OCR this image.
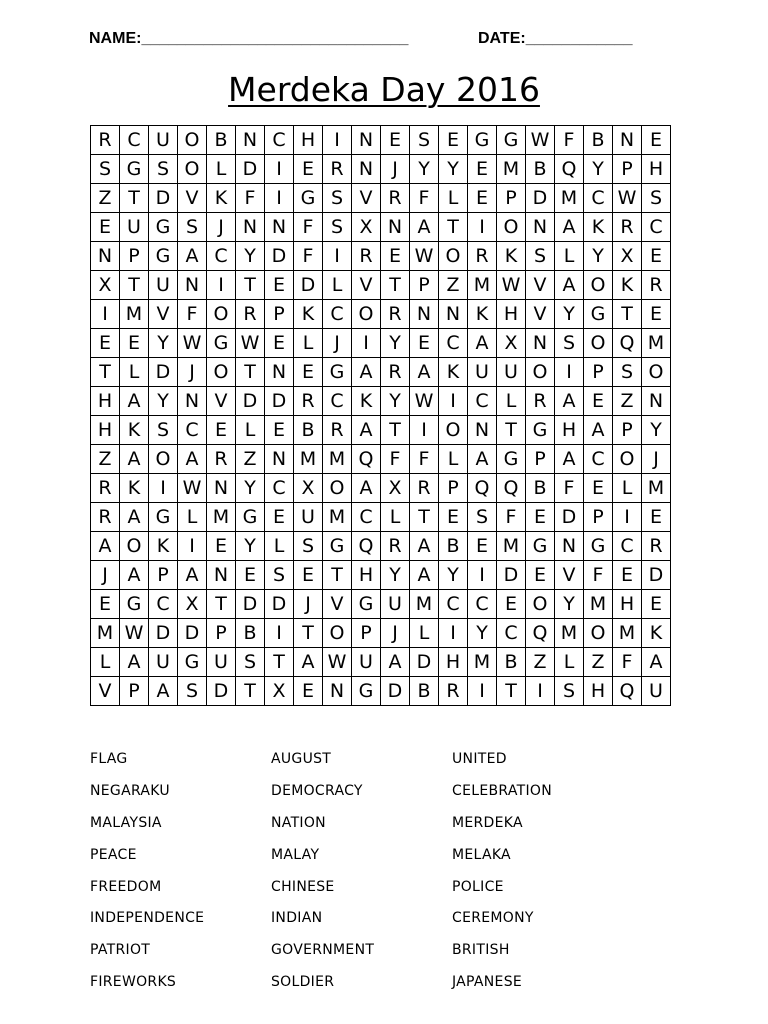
NAME:______________________________	DATE:____________
Merdeka Day 2016
R	C	U	O	B	N	C	H	I	N	E	S	E	G	G	W	F	B	N	E
S	G	S	O	L	D	I	E	R	N	J	Y	Y	E	M	B	Q	Y	P	H
Z	T	D	V	K	F	I	G	S	V	R	F	L	E	P	D	M	C	W	S
E	U	G	S	J	N	N	F	S	X	N	A	T	I	O	N	A	K	R	C
N	P	G	A	C	Y	D	F	I	R	E	W	O	R	K	S	L	Y	X	E
X	T	U	N	I	T	E	D	L	V	T	P	Z	M	W	V	A	O	K	R
I	M	V	F	O	R	P	K	C	O	R	N	N	K	H	V	Y	G	T	E
E	E	Y	W	G	W	E	L	J	I	Y	E	C	A	X	N	S	O	Q	M
T	L	D	J	O	T	N	E	G	A	R	A	K	U	U	O	I	P	S	O
H	A	Y	N	V	D	D	R	C	K	Y	W	I	C	L	R	A	E	Z	N
H	K	S	C	E	L	E	B	R	A	T	I	O	N	T	G	H	A	P	Y
Z	A	O	A	R	Z	N	M	M	Q	F	F	L	A	G	P	A	C	O	J
R	K	I	W	N	Y	C	X	O	A	X	R	P	Q	Q	B	F	E	L	M
R	A	G	L	M	G	E	U	M	C	L	T	E	S	F	E	D	P	I	E
A	O	K	I	E	Y	L	S	G	Q	R	A	B	E	M	G	N	G	C	R
J	A	P	A	N	E	S	E	T	H	Y	A	Y	I	D	E	V	F	E	D
E	G	C	X	T	D	D	J	V	G	U	M	C	C	E	O	Y	M	H	E
M	W	D	D	P	B	I	T	O	P	J	L	I	Y	C	Q	M	O	M	K
L	A	U	G	U	S	T	A	W	U	A	D	H	M	B	Z	L	Z	F	A
V	P	A	S	D	T	X	E	N	G	D	B	R	I	T	I	S	H	Q	U
FLAG	AUGUST	UNITED
NEGARAKU	DEMOCRACY	CELEBRATION
MALAYSIA	NATION	MERDEKA
PEACE	MALAY	MELAKA
FREEDOM	CHINESE	POLICE
INDEPENDENCE	INDIAN	CEREMONY
PATRIOT	GOVERNMENT	BRITISH
FIREWORKS	SOLDIER	JAPANESE
